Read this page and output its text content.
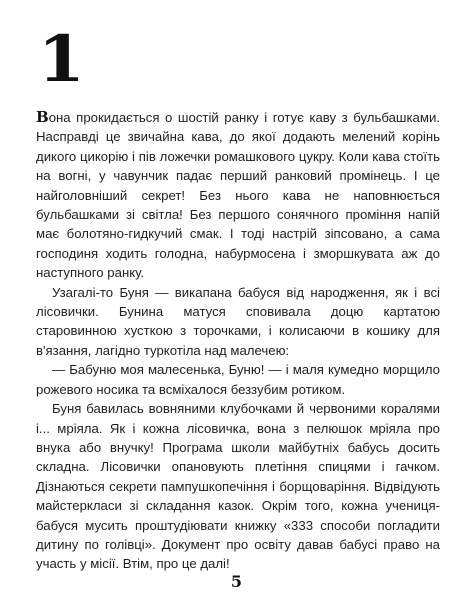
1

Вона прокидається о шостій ранку і готує каву з бульбашками. Насправді це звичайна кава, до якої додають мелений корінь дикого цикорію і пів ложечки ромашкового цукру. Коли кава стоїть на вогні, у чавунчик падає перший ранковий промінець. І це найголовніший секрет! Без нього кава не наповнюється бульбашками зі світла! Без першого сонячного проміння напій має болотяно-гидкучий смак. І тоді настрій зіпсовано, а сама господиня ходить голодна, набурмосена і зморшкувата аж до наступного ранку.

Узагалі-то Буня — викапана бабуся від народження, як і всі лісовички. Бунина матуся сповивала доцю картатою старовинною хусткою з торочками, і колисаючи в кошику для в'язання, лагідно туркотіла над малечею:

— Бабуню моя малесенька, Буню! — і маля кумедно морщило рожевого носика та всміхалося беззубим ротиком.

Буня бавилась вовняними клубочками й червоними коралями і... мріяла. Як і кожна лісовичка, вона з пелюшок мріяла про внука або внучку! Програма школи майбутніх бабусь досить складна. Лісовички опановують плетіння спицями і гачком. Дізнаються секрети пампушкопечіння і борщоваріння. Відвідують майстеркласи зі складання казок. Окрім того, кожна учениця-бабуся мусить проштудіювати книжку «333 способи погладити дитину по голівці». Документ про освіту давав бабусі право на участь у місії. Втім, про це далі!

5
